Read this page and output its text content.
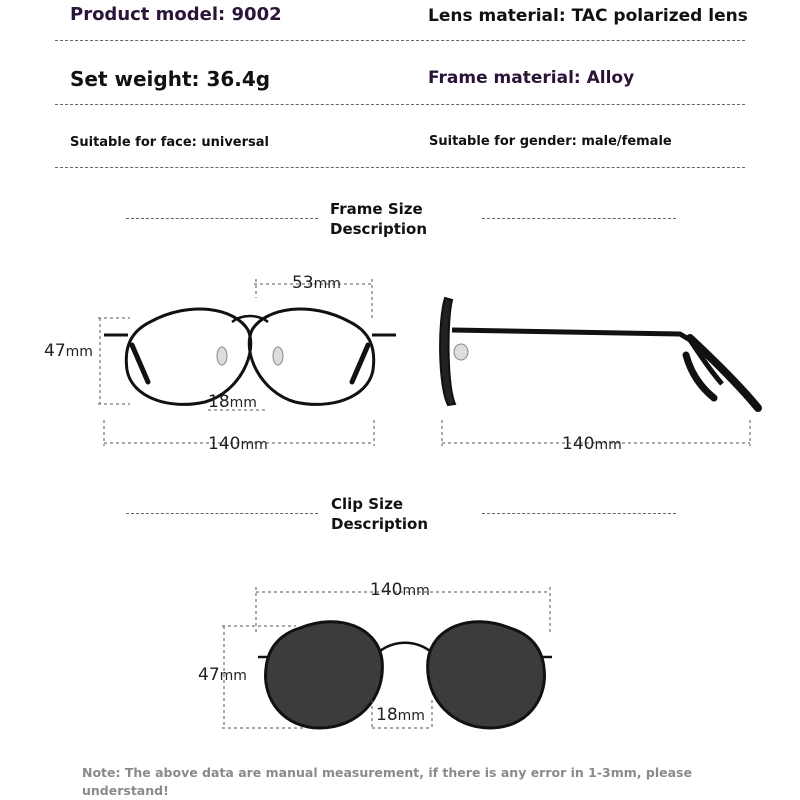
Product model: 9002	Lens material: TAC polarized lens
Set weight: 36.4g	Frame material: Alloy
Suitable for face: universal	Suitable for gender: male/female
Frame Size
Description
53mm
47mm
18mm
140mm	140mm
Clip Size
Description
140mm
47mm
18mm
Note: The above data are manual measurement, if there is any error in 1-3mm, please understand!
